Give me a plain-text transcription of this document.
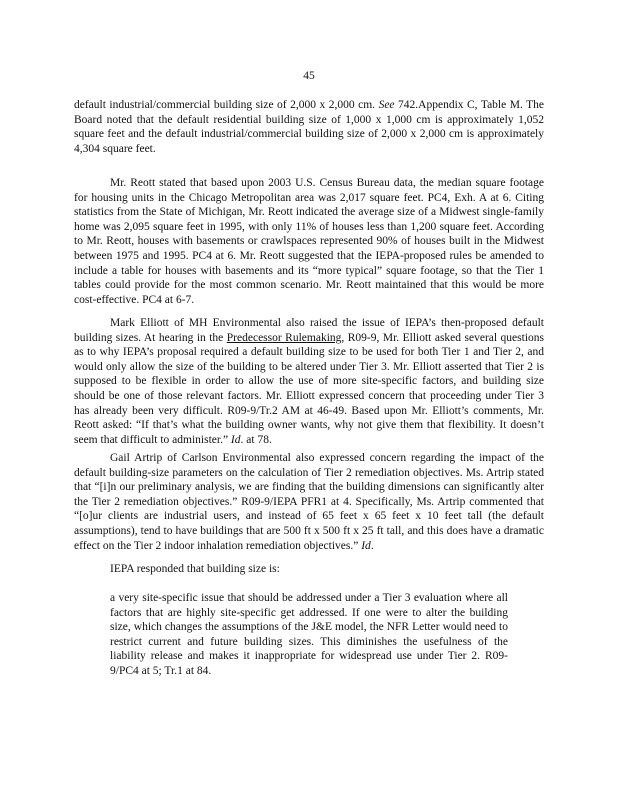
45

default industrial/commercial building size of 2,000 x 2,000 cm. See 742.Appendix C, Table M. The Board noted that the default residential building size of 1,000 x 1,000 cm is approximately 1,052 square feet and the default industrial/commercial building size of 2,000 x 2,000 cm is approximately 4,304 square feet.

Mr. Reott stated that based upon 2003 U.S. Census Bureau data, the median square footage for housing units in the Chicago Metropolitan area was 2,017 square feet. PC4, Exh. A at 6. Citing statistics from the State of Michigan, Mr. Reott indicated the average size of a Midwest single-family home was 2,095 square feet in 1995, with only 11% of houses less than 1,200 square feet. According to Mr. Reott, houses with basements or crawlspaces represented 90% of houses built in the Midwest between 1975 and 1995. PC4 at 6. Mr. Reott suggested that the IEPA-proposed rules be amended to include a table for houses with basements and its “more typical” square footage, so that the Tier 1 tables could provide for the most common scenario. Mr. Reott maintained that this would be more cost-effective. PC4 at 6-7.

Mark Elliott of MH Environmental also raised the issue of IEPA’s then-proposed default building sizes. At hearing in the Predecessor Rulemaking, R09-9, Mr. Elliott asked several questions as to why IEPA’s proposal required a default building size to be used for both Tier 1 and Tier 2, and would only allow the size of the building to be altered under Tier 3. Mr. Elliott asserted that Tier 2 is supposed to be flexible in order to allow the use of more site-specific factors, and building size should be one of those relevant factors. Mr. Elliott expressed concern that proceeding under Tier 3 has already been very difficult. R09-9/Tr.2 AM at 46-49. Based upon Mr. Elliott’s comments, Mr. Reott asked: “If that’s what the building owner wants, why not give them that flexibility. It doesn’t seem that difficult to administer.” Id. at 78.

Gail Artrip of Carlson Environmental also expressed concern regarding the impact of the default building-size parameters on the calculation of Tier 2 remediation objectives. Ms. Artrip stated that “[i]n our preliminary analysis, we are finding that the building dimensions can significantly alter the Tier 2 remediation objectives.” R09-9/IEPA PFR1 at 4. Specifically, Ms. Artrip commented that “[o]ur clients are industrial users, and instead of 65 feet x 65 feet x 10 feet tall (the default assumptions), tend to have buildings that are 500 ft x 500 ft x 25 ft tall, and this does have a dramatic effect on the Tier 2 indoor inhalation remediation objectives.” Id.

IEPA responded that building size is:

a very site-specific issue that should be addressed under a Tier 3 evaluation where all factors that are highly site-specific get addressed. If one were to alter the building size, which changes the assumptions of the J&E model, the NFR Letter would need to restrict current and future building sizes. This diminishes the usefulness of the liability release and makes it inappropriate for widespread use under Tier 2. R09-9/PC4 at 5; Tr.1 at 84.
